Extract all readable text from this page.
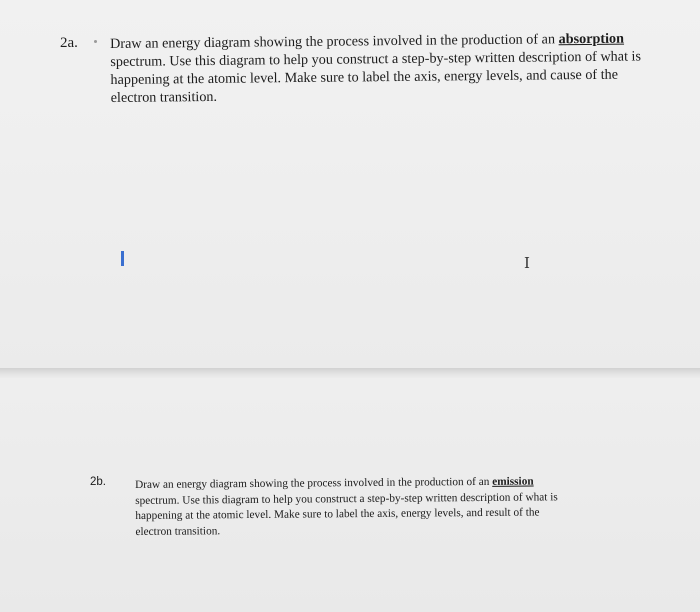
2a. Draw an energy diagram showing the process involved in the production of an absorption
spectrum. Use this diagram to help you construct a step-by-step written description of what is
happening at the atomic level. Make sure to label the axis, energy levels, and cause of the
electron transition.
I
2b.	Draw an energy diagram showing the process involved in the production of an emission
spectrum. Use this diagram to help you construct a step-by-step written description of what is
happening at the atomic level. Make sure to label the axis, energy levels, and result of the
electron transition.
